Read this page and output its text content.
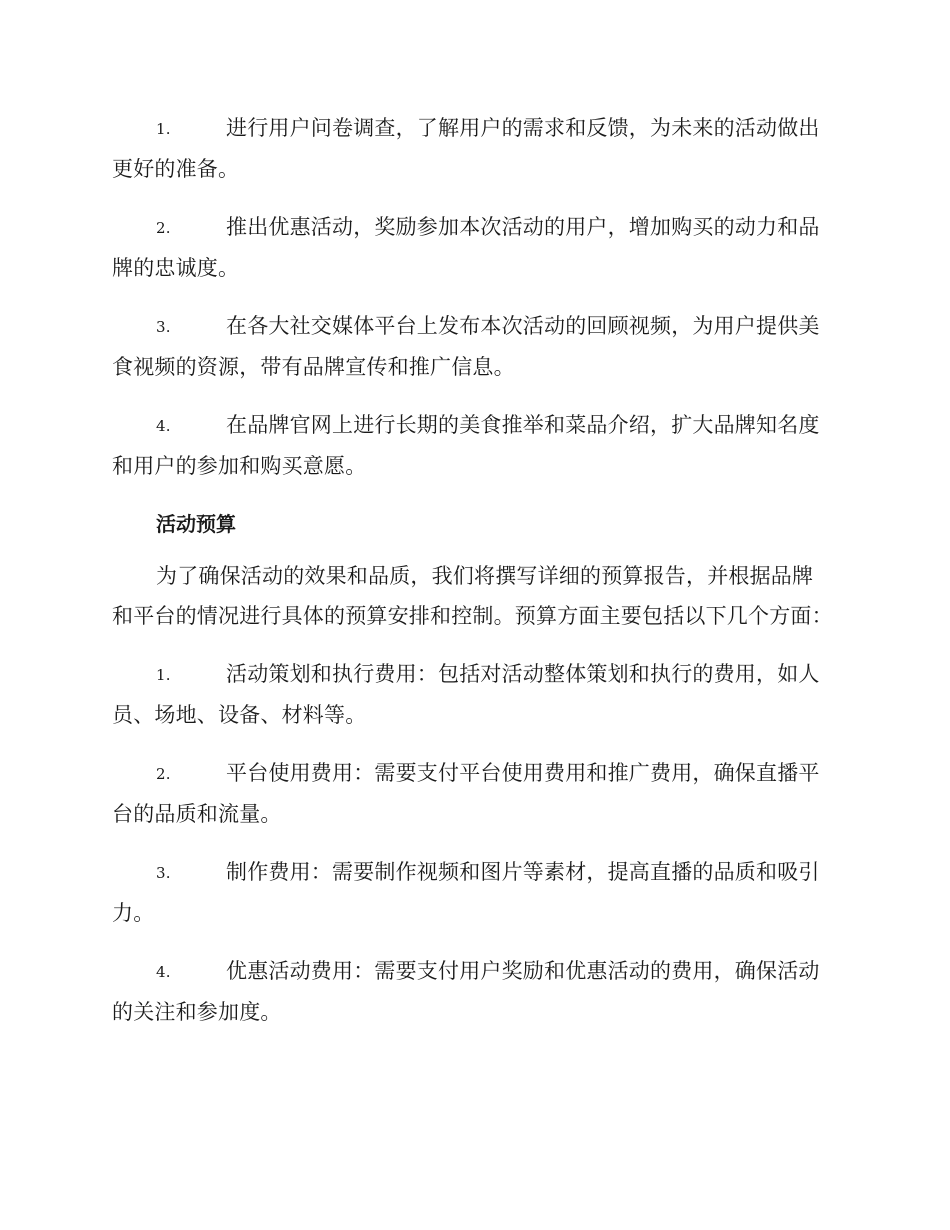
1.	进行用户问卷调查，了解用户的需求和反馈，为未来的活动做出更好的准备。

2.	推出优惠活动，奖励参加本次活动的用户，增加购买的动力和品牌的忠诚度。

3.	在各大社交媒体平台上发布本次活动的回顾视频，为用户提供美食视频的资源，带有品牌宣传和推广信息。

4.	在品牌官网上进行长期的美食推举和菜品介绍，扩大品牌知名度和用户的参加和购买意愿。

活动预算

为了确保活动的效果和品质，我们将撰写详细的预算报告，并根据品牌和平台的情况进行具体的预算安排和控制。预算方面主要包括以下几个方面：

1.	活动策划和执行费用：包括对活动整体策划和执行的费用，如人员、场地、设备、材料等。

2.	平台使用费用：需要支付平台使用费用和推广费用，确保直播平台的品质和流量。

3.	制作费用：需要制作视频和图片等素材，提高直播的品质和吸引力。

4.	优惠活动费用：需要支付用户奖励和优惠活动的费用，确保活动的关注和参加度。
